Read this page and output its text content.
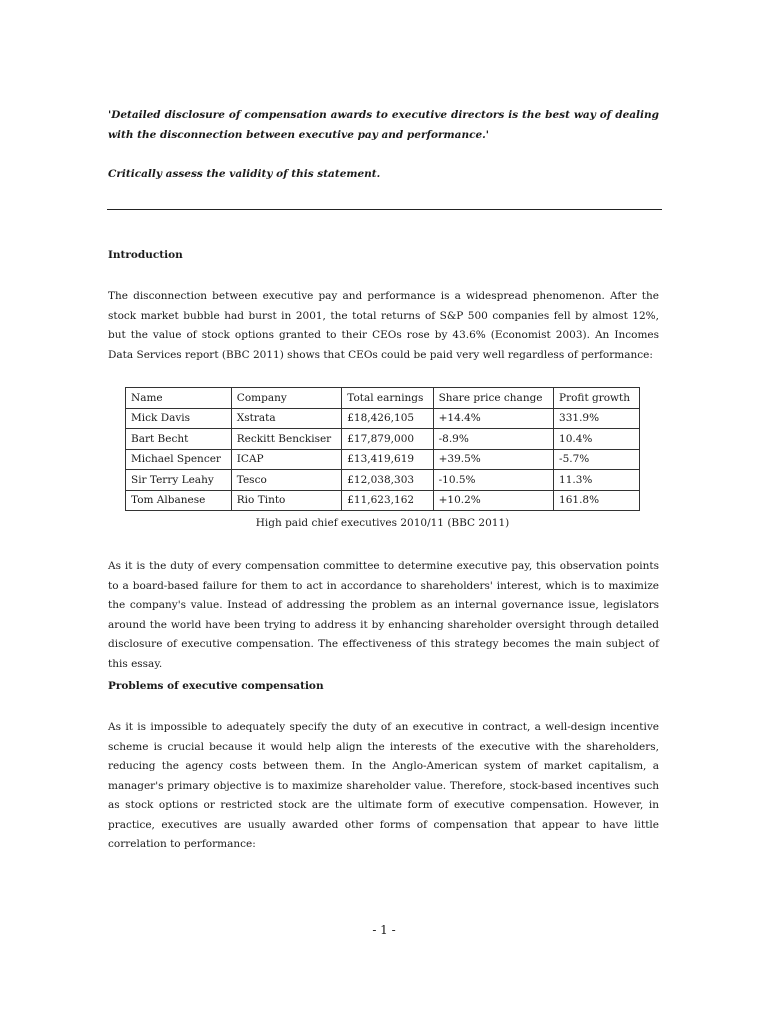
'Detailed disclosure of compensation awards to executive directors is the best way of dealing with the disconnection between executive pay and performance.'

Critically assess the validity of this statement.

Introduction

The disconnection between executive pay and performance is a widespread phenomenon. After the stock market bubble had burst in 2001, the total returns of S&P 500 companies fell by almost 12%, but the value of stock options granted to their CEOs rose by 43.6% (Economist 2003). An Incomes Data Services report (BBC 2011) shows that CEOs could be paid very well regardless of performance:

Name	Company	Total earnings	Share price change	Profit growth
Mick Davis	Xstrata	£18,426,105	+14.4%	331.9%
Bart Becht	Reckitt Benckiser	£17,879,000	-8.9%	10.4%
Michael Spencer	ICAP	£13,419,619	+39.5%	-5.7%
Sir Terry Leahy	Tesco	£12,038,303	-10.5%	11.3%
Tom Albanese	Rio Tinto	£11,623,162	+10.2%	161.8%

High paid chief executives 2010/11 (BBC 2011)

As it is the duty of every compensation committee to determine executive pay, this observation points to a board-based failure for them to act in accordance to shareholders' interest, which is to maximize the company's value. Instead of addressing the problem as an internal governance issue, legislators around the world have been trying to address it by enhancing shareholder oversight through detailed disclosure of executive compensation. The effectiveness of this strategy becomes the main subject of this essay.

Problems of executive compensation

As it is impossible to adequately specify the duty of an executive in contract, a well-design incentive scheme is crucial because it would help align the interests of the executive with the shareholders, reducing the agency costs between them. In the Anglo-American system of market capitalism, a manager's primary objective is to maximize shareholder value. Therefore, stock-based incentives such as stock options or restricted stock are the ultimate form of executive compensation. However, in practice, executives are usually awarded other forms of compensation that appear to have little correlation to performance:

- 1 -
